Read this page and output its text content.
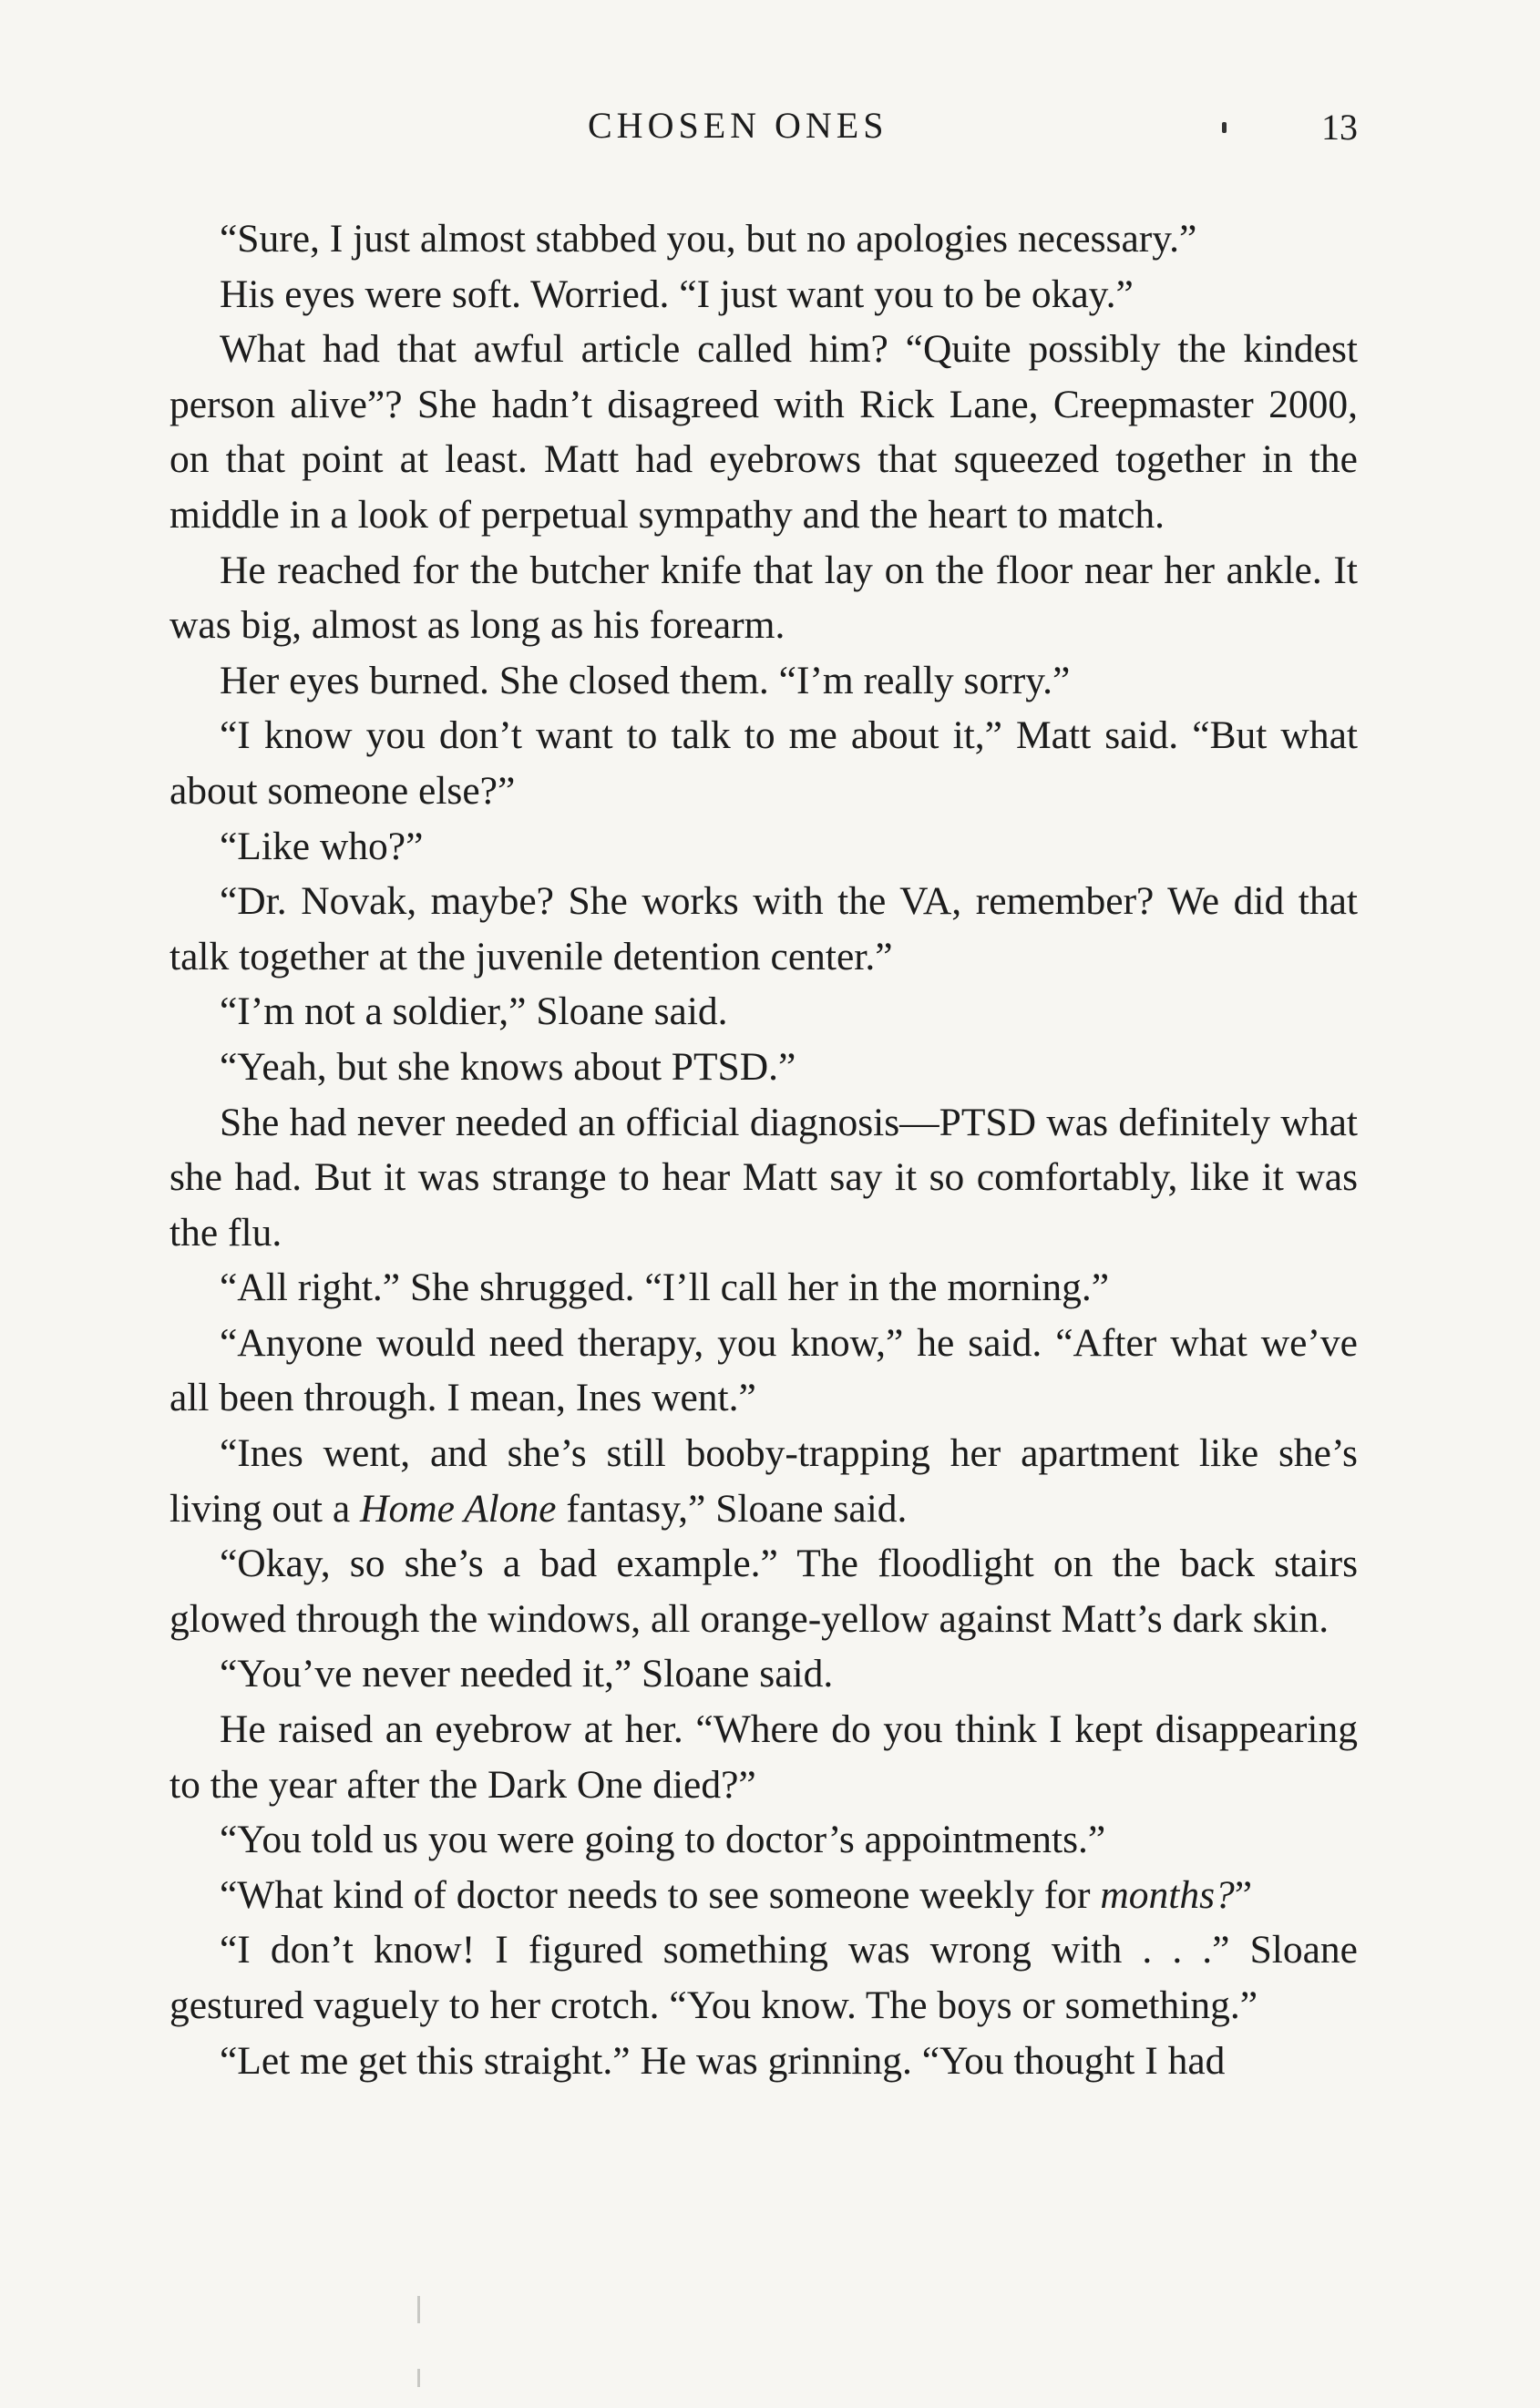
CHOSEN ONES	13

“Sure, I just almost stabbed you, but no apologies necessary.”

His eyes were soft. Worried. “I just want you to be okay.”

What had that awful article called him? “Quite possibly the kindest person alive”? She hadn’t disagreed with Rick Lane, Creepmaster 2000, on that point at least. Matt had eyebrows that squeezed together in the middle in a look of perpetual sympathy and the heart to match.

He reached for the butcher knife that lay on the floor near her ankle. It was big, almost as long as his forearm.

Her eyes burned. She closed them. “I’m really sorry.”

“I know you don’t want to talk to me about it,” Matt said. “But what about someone else?”

“Like who?”

“Dr. Novak, maybe? She works with the VA, remember? We did that talk together at the juvenile detention center.”

“I’m not a soldier,” Sloane said.

“Yeah, but she knows about PTSD.”

She had never needed an official diagnosis—PTSD was definitely what she had. But it was strange to hear Matt say it so comfortably, like it was the flu.

“All right.” She shrugged. “I’ll call her in the morning.”

“Anyone would need therapy, you know,” he said. “After what we’ve all been through. I mean, Ines went.”

“Ines went, and she’s still booby-trapping her apartment like she’s living out a Home Alone fantasy,” Sloane said.

“Okay, so she’s a bad example.” The floodlight on the back stairs glowed through the windows, all orange-yellow against Matt’s dark skin.

“You’ve never needed it,” Sloane said.

He raised an eyebrow at her. “Where do you think I kept disappearing to the year after the Dark One died?”

“You told us you were going to doctor’s appointments.”

“What kind of doctor needs to see someone weekly for months?”

“I don’t know! I figured something was wrong with . . .” Sloane gestured vaguely to her crotch. “You know. The boys or something.”

“Let me get this straight.” He was grinning. “You thought I had
